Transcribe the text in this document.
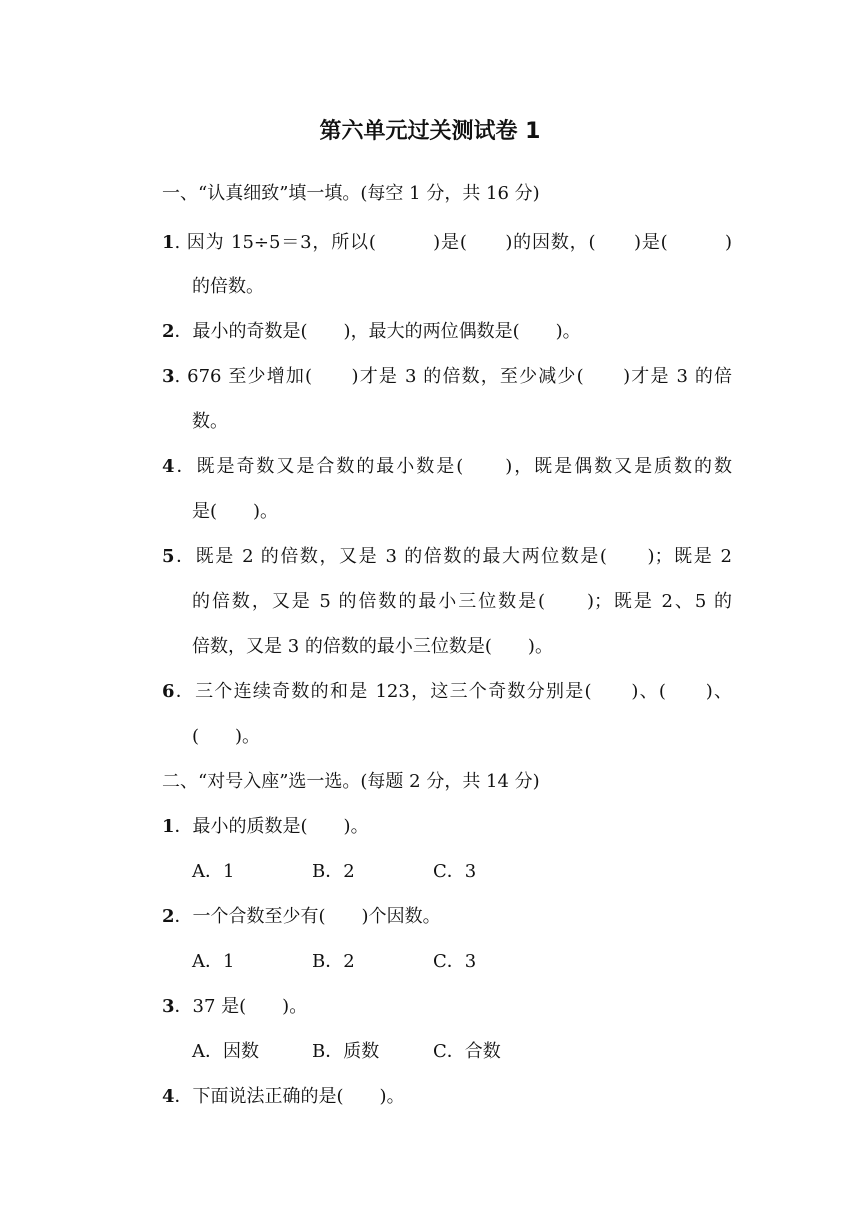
第六单元过关测试卷 1
一、“认真细致”填一填。(每空 1 分，共 16 分)
1. 因为 15÷5＝3，所以(　　　)是(　　)的因数，(　　)是(　　　)
的倍数。
2．最小的奇数是(　　)，最大的两位偶数是(　　)。
3. 676 至少增加(　　)才是 3 的倍数，至少减少(　　)才是 3 的倍
数。
4．既是奇数又是合数的最小数是(　　)，既是偶数又是质数的数
是(　　)。
5．既是 2 的倍数，又是 3 的倍数的最大两位数是(　　)；既是 2
的倍数，又是 5 的倍数的最小三位数是(　　)；既是 2、5 的
倍数，又是 3 的倍数的最小三位数是(　　)。
6．三个连续奇数的和是 123，这三个奇数分别是(　　)、(　　)、
(　　)。
二、“对号入座”选一选。(每题 2 分，共 14 分)
1．最小的质数是(　　)。
A．1	B．2	C．3
2．一个合数至少有(　　)个因数。
A．1	B．2	C．3
3．37 是(　　)。
A．因数	B．质数	C．合数
4．下面说法正确的是(　　)。
